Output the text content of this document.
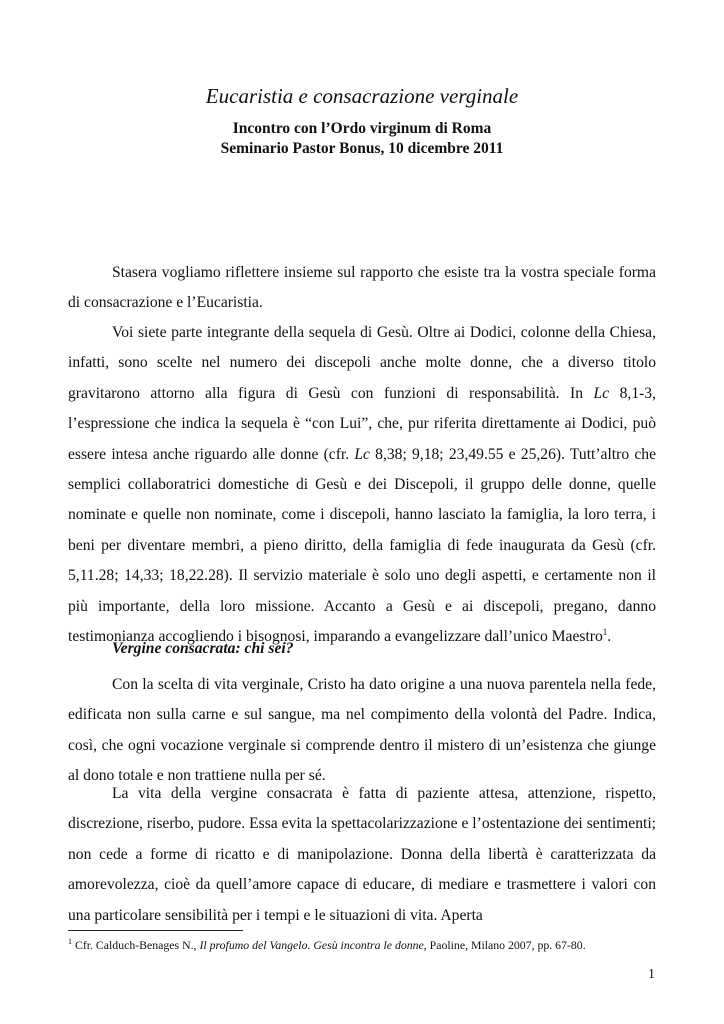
Eucaristia e consacrazione verginale
Incontro con l’Ordo virginum di Roma
Seminario Pastor Bonus, 10 dicembre 2011

Stasera vogliamo riflettere insieme sul rapporto che esiste tra la vostra speciale forma di consacrazione e l’Eucaristia.

Voi siete parte integrante della sequela di Gesù. Oltre ai Dodici, colonne della Chiesa, infatti, sono scelte nel numero dei discepoli anche molte donne, che a diverso titolo gravitarono attorno alla figura di Gesù con funzioni di responsabilità. In Lc 8,1-3, l’espressione che indica la sequela è “con Lui”, che, pur riferita direttamente ai Dodici, può essere intesa anche riguardo alle donne (cfr. Lc 8,38; 9,18; 23,49.55 e 25,26). Tutt’altro che semplici collaboratrici domestiche di Gesù e dei Discepoli, il gruppo delle donne, quelle nominate e quelle non nominate, come i discepoli, hanno lasciato la famiglia, la loro terra, i beni per diventare membri, a pieno diritto, della famiglia di fede inaugurata da Gesù (cfr. 5,11.28; 14,33; 18,22.28). Il servizio materiale è solo uno degli aspetti, e certamente non il più importante, della loro missione. Accanto a Gesù e ai discepoli, pregano, danno testimonianza accogliendo i bisognosi, imparando a evangelizzare dall’unico Maestro$^1$.

Vergine consacrata: chi sei?

Con la scelta di vita verginale, Cristo ha dato origine a una nuova parentela nella fede, edificata non sulla carne e sul sangue, ma nel compimento della volontà del Padre. Indica, così, che ogni vocazione verginale si comprende dentro il mistero di un’esistenza che giunge al dono totale e non trattiene nulla per sé.

La vita della vergine consacrata è fatta di paziente attesa, attenzione, rispetto, discrezione, riserbo, pudore. Essa evita la spettacolarizzazione e l’ostentazione dei sentimenti; non cede a forme di ricatto e di manipolazione. Donna della libertà è caratterizzata da amorevolezza, cioè da quell’amore capace di educare, di mediare e trasmettere i valori con una particolare sensibilità per i tempi e le situazioni di vita. Aperta

$^1$ Cfr. Calduch-Benages N., Il profumo del Vangelo. Gesù incontra le donne, Paoline, Milano 2007, pp. 67-80.
1
